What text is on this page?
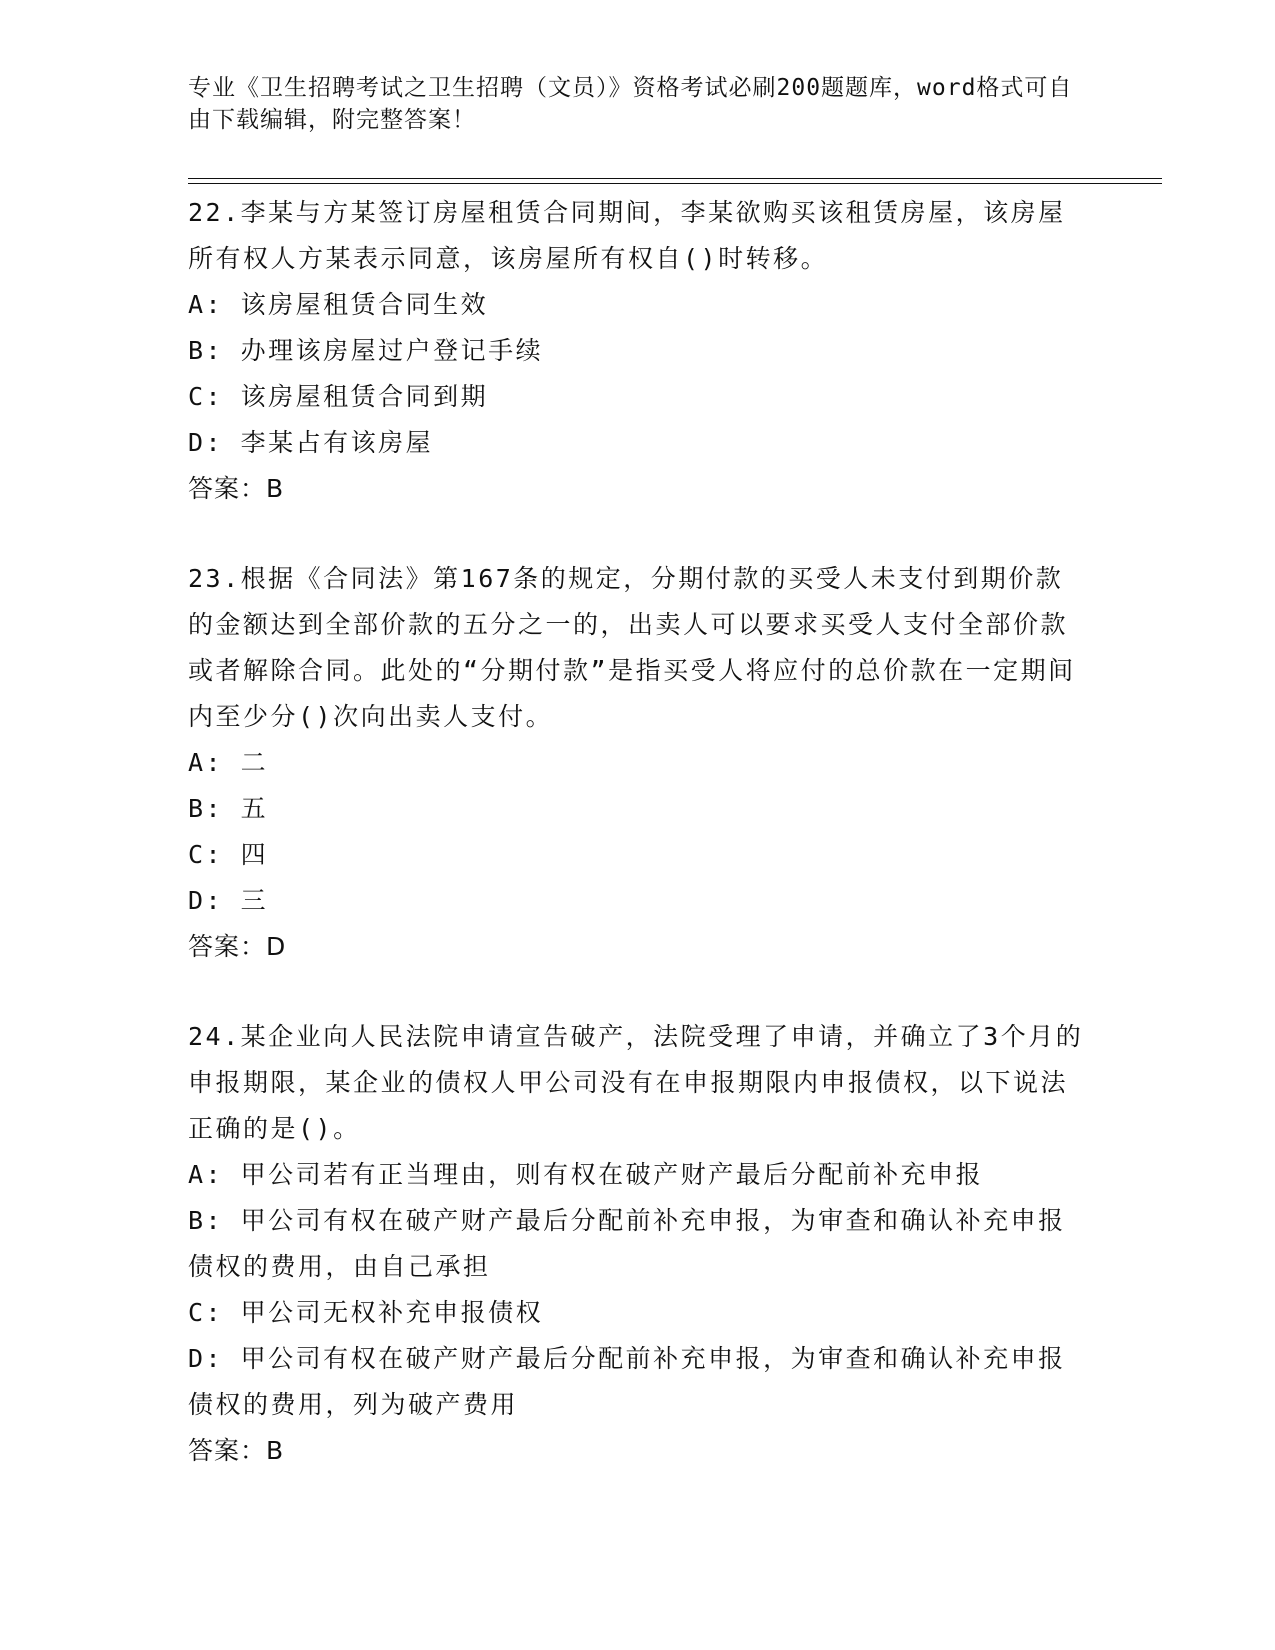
专业《卫生招聘考试之卫生招聘（文员）》资格考试必刷200题题库，word格式可自由下载编辑，附完整答案！
22.李某与方某签订房屋租赁合同期间，李某欲购买该租赁房屋，该房屋所有权人方某表示同意，该房屋所有权自()时转移。
A: 该房屋租赁合同生效
B: 办理该房屋过户登记手续
C: 该房屋租赁合同到期
D: 李某占有该房屋
答案：B
23.根据《合同法》第167条的规定，分期付款的买受人未支付到期价款的金额达到全部价款的五分之一的，出卖人可以要求买受人支付全部价款或者解除合同。此处的“分期付款”是指买受人将应付的总价款在一定期间内至少分()次向出卖人支付。
A: 二
B: 五
C: 四
D: 三
答案：D
24.某企业向人民法院申请宣告破产，法院受理了申请，并确立了3个月的申报期限，某企业的债权人甲公司没有在申报期限内申报债权，以下说法正确的是()。
A: 甲公司若有正当理由，则有权在破产财产最后分配前补充申报
B: 甲公司有权在破产财产最后分配前补充申报，为审查和确认补充申报债权的费用，由自己承担
C: 甲公司无权补充申报债权
D: 甲公司有权在破产财产最后分配前补充申报，为审查和确认补充申报债权的费用，列为破产费用
答案：B
